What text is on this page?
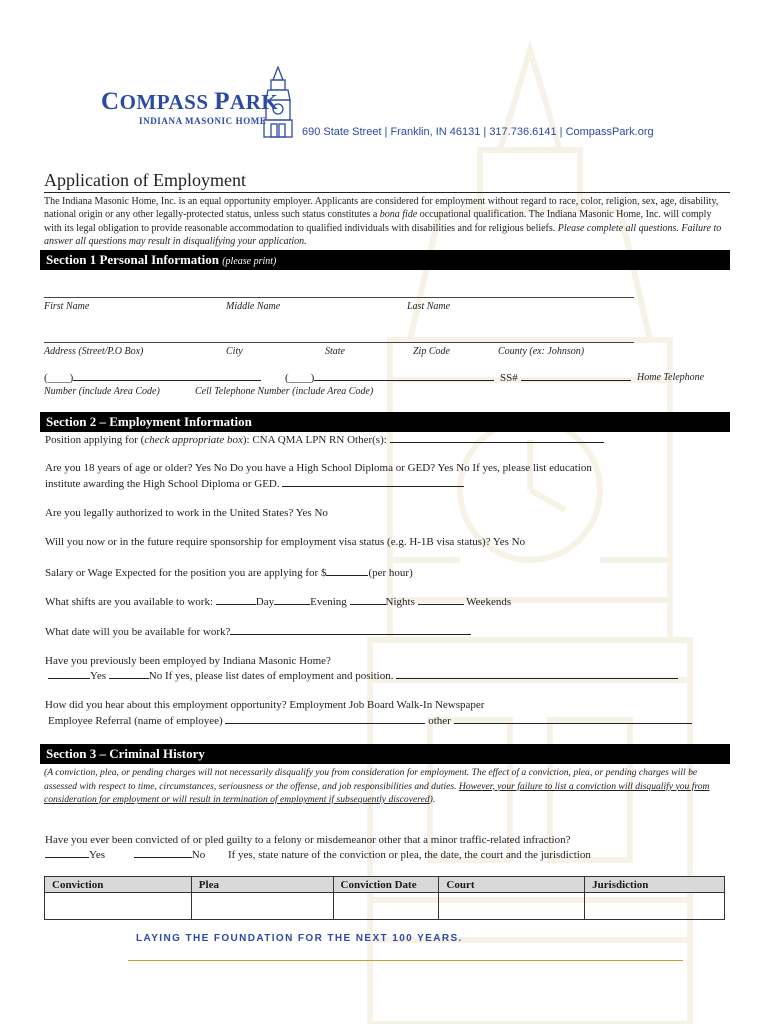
COMPASS PARK
INDIANA MASONIC HOME
690 State Street | Franklin, IN 46131 | 317.736.6141 | CompassPark.org
Application of Employment
The Indiana Masonic Home, Inc. is an equal opportunity employer. Applicants are considered for employment without regard to race, color, religion, sex, age, disability, national origin or any other legally-protected status, unless such status constitutes a bona fide occupational qualification. The Indiana Masonic Home, Inc. will comply with its legal obligation to provide reasonable accommodation to qualified individuals with disabilities and for religious beliefs. Please complete all questions. Failure to answer all questions may result in disqualifying your application.
Section 1 Personal Information (please print)
First Name	Middle Name	Last Name
Address (Street/P.O Box)	City	State	Zip Code	County (ex: Johnson)
(____)	(____)	SS#	Home Telephone
Number (include Area Code)	Cell Telephone Number (include Area Code)
Section 2 – Employment Information
Position applying for (check appropriate box): CNA QMA LPN RN Other(s):
Are you 18 years of age or older? Yes No Do you have a High School Diploma or GED? Yes No If yes, please list education
institute awarding the High School Diploma or GED.
Are you legally authorized to work in the United States? Yes No
Will you now or in the future require sponsorship for employment visa status (e.g. H-1B visa status)? Yes No
Salary or Wage Expected for the position you are applying for $	(per hour)
What shifts are you available to work:	Day	Evening	Nights	Weekends
What date will you be available for work?
Have you previously been employed by Indiana Masonic Home?
Yes	No If yes, please list dates of employment and position.
How did you hear about this employment opportunity? Employment Job Board Walk-In Newspaper
Employee Referral (name of employee)	other
Section 3 – Criminal History
(A conviction, plea, or pending charges will not necessarily disqualify you from consideration for employment. The effect of a conviction, plea, or pending charges will be assessed with respect to time, circumstances, seriousness or the offense, and job responsibilities and duties. However, your failure to list a conviction will disqualify you from consideration for employment or will result in termination of employment if subsequently discovered).
Have you ever been convicted of or pled guilty to a felony or misdemeanor other that a minor traffic-related infraction?
Yes	No If yes, state nature of the conviction or plea, the date, the court and the jurisdiction
Conviction	Plea	Conviction Date	Court	Jurisdiction

LAYING THE FOUNDATION FOR THE NEXT 100 YEARS.
